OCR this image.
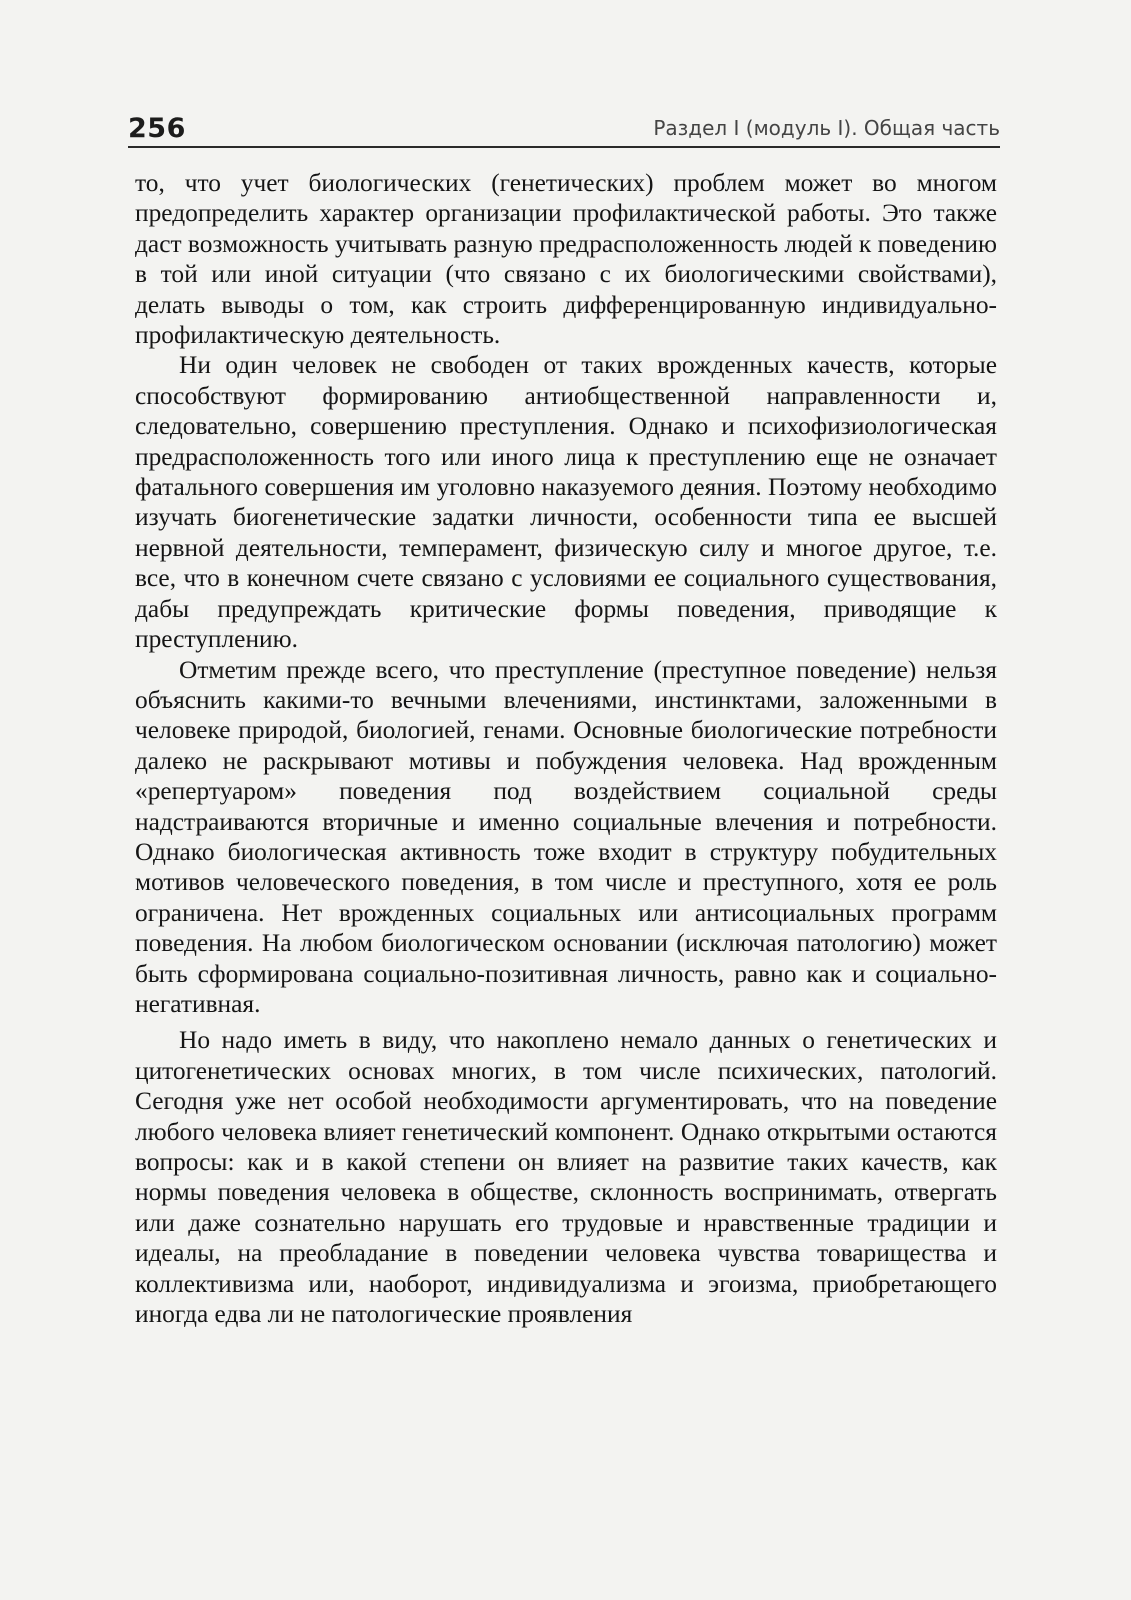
256	Раздел I (модуль I). Общая часть

то, что учет биологических (генетических) проблем может во многом предопределить характер организации профилактической работы. Это также даст возможность учитывать разную предрасположенность людей к поведению в той или иной ситуации (что связано с их биологическими свойствами), делать выводы о том, как строить дифференцированную индивидуально-профилактическую деятельность.

Ни один человек не свободен от таких врожденных качеств, которые способствуют формированию антиобщественной направленности и, следовательно, совершению преступления. Однако и психофизиологическая предрасположенность того или иного лица к преступлению еще не означает фатального совершения им уголовно наказуемого деяния. Поэтому необходимо изучать биогенетические задатки личности, особенности типа ее высшей нервной деятельности, темперамент, физическую силу и многое другое, т.е. все, что в конечном счете связано с условиями ее социального существования, дабы предупреждать критические формы поведения, приводящие к преступлению.

Отметим прежде всего, что преступление (преступное поведение) нельзя объяснить какими-то вечными влечениями, инстинктами, заложенными в человеке природой, биологией, генами. Основные биологические потребности далеко не раскрывают мотивы и побуждения человека. Над врожденным «репертуаром» поведения под воздействием социальной среды надстраиваются вторичные и именно социальные влечения и потребности. Однако биологическая активность тоже входит в структуру побудительных мотивов человеческого поведения, в том числе и преступного, хотя ее роль ограничена. Нет врожденных социальных или антисоциальных программ поведения. На любом биологическом основании (исключая патологию) может быть сформирована социально-позитивная личность, равно как и социально-негативная.

Но надо иметь в виду, что накоплено немало данных о генетических и цитогенетических основах многих, в том числе психических, патологий. Сегодня уже нет особой необходимости аргументировать, что на поведение любого человека влияет генетический компонент. Однако открытыми остаются вопросы: как и в какой степени он влияет на развитие таких качеств, как нормы поведения человека в обществе, склонность воспринимать, отвергать или даже сознательно нарушать его трудовые и нравственные традиции и идеалы, на преобладание в поведении человека чувства товарищества и коллективизма или, наоборот, индивидуализма и эгоизма, приобретающего иногда едва ли не патологические проявления
